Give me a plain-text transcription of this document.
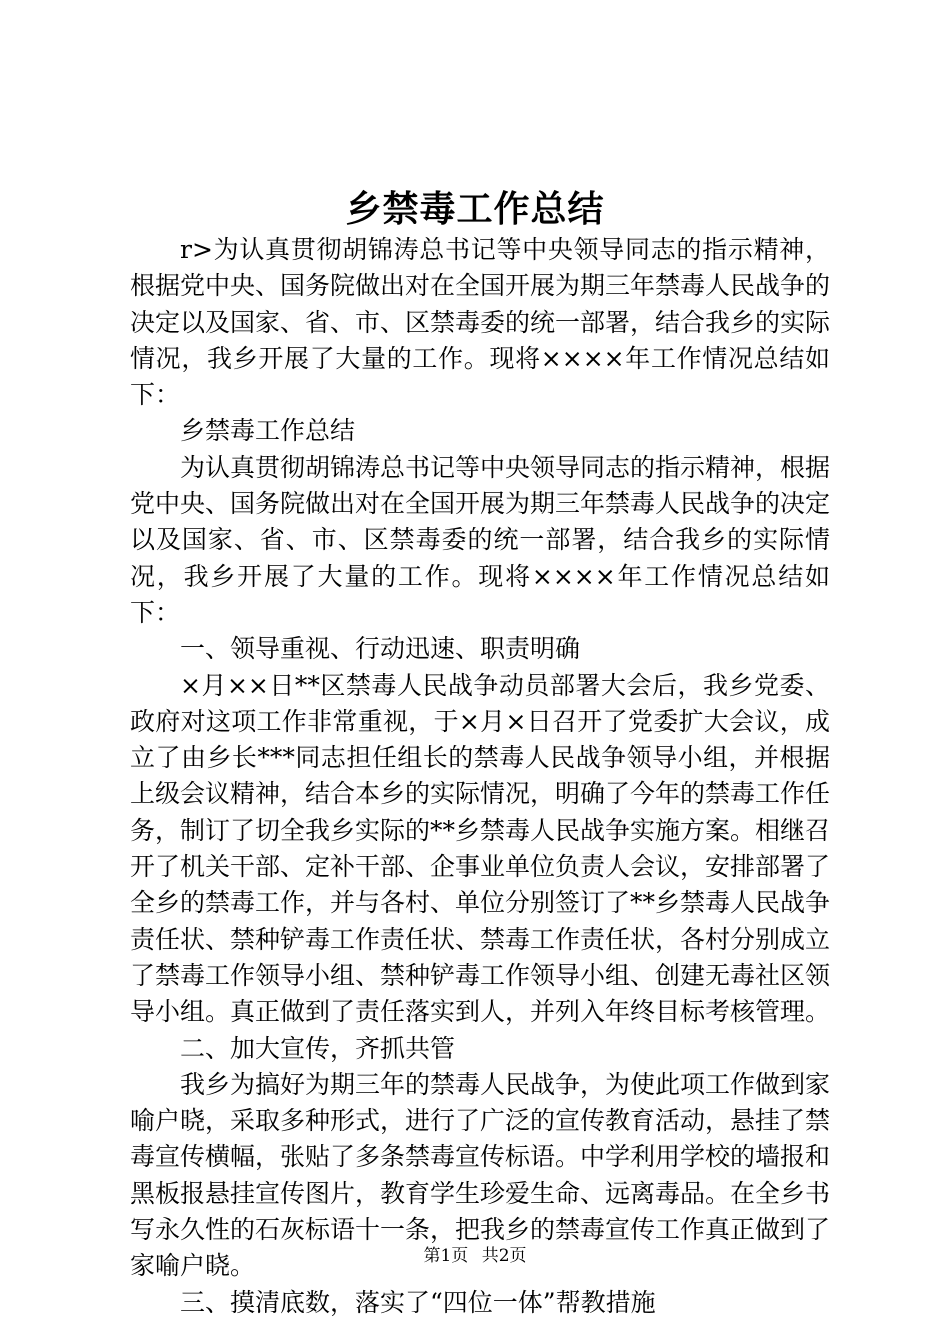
乡禁毒工作总结

r>为认真贯彻胡锦涛总书记等中央领导同志的指示精神，根据党中央、国务院做出对在全国开展为期三年禁毒人民战争的决定以及国家、省、市、区禁毒委的统一部署，结合我乡的实际情况，我乡开展了大量的工作。现将××××年工作情况总结如下：

乡禁毒工作总结

为认真贯彻胡锦涛总书记等中央领导同志的指示精神，根据党中央、国务院做出对在全国开展为期三年禁毒人民战争的决定以及国家、省、市、区禁毒委的统一部署，结合我乡的实际情况，我乡开展了大量的工作。现将××××年工作情况总结如下：

一、领导重视、行动迅速、职责明确

×月××日**区禁毒人民战争动员部署大会后，我乡党委、政府对这项工作非常重视，于×月×日召开了党委扩大会议，成立了由乡长***同志担任组长的禁毒人民战争领导小组，并根据上级会议精神，结合本乡的实际情况，明确了今年的禁毒工作任务，制订了切全我乡实际的**乡禁毒人民战争实施方案。相继召开了机关干部、定补干部、企事业单位负责人会议，安排部署了全乡的禁毒工作，并与各村、单位分别签订了**乡禁毒人民战争责任状、禁种铲毒工作责任状、禁毒工作责任状，各村分别成立了禁毒工作领导小组、禁种铲毒工作领导小组、创建无毒社区领导小组。真正做到了责任落实到人，并列入年终目标考核管理。

二、加大宣传，齐抓共管

我乡为搞好为期三年的禁毒人民战争，为使此项工作做到家喻户晓，采取多种形式，进行了广泛的宣传教育活动，悬挂了禁毒宣传横幅，张贴了多条禁毒宣传标语。中学利用学校的墙报和黑板报悬挂宣传图片，教育学生珍爱生命、远离毒品。在全乡书写永久性的石灰标语十一条，把我乡的禁毒宣传工作真正做到了家喻户晓。

三、摸清底数，落实了“四位一体”帮教措施

第1页 共2页
